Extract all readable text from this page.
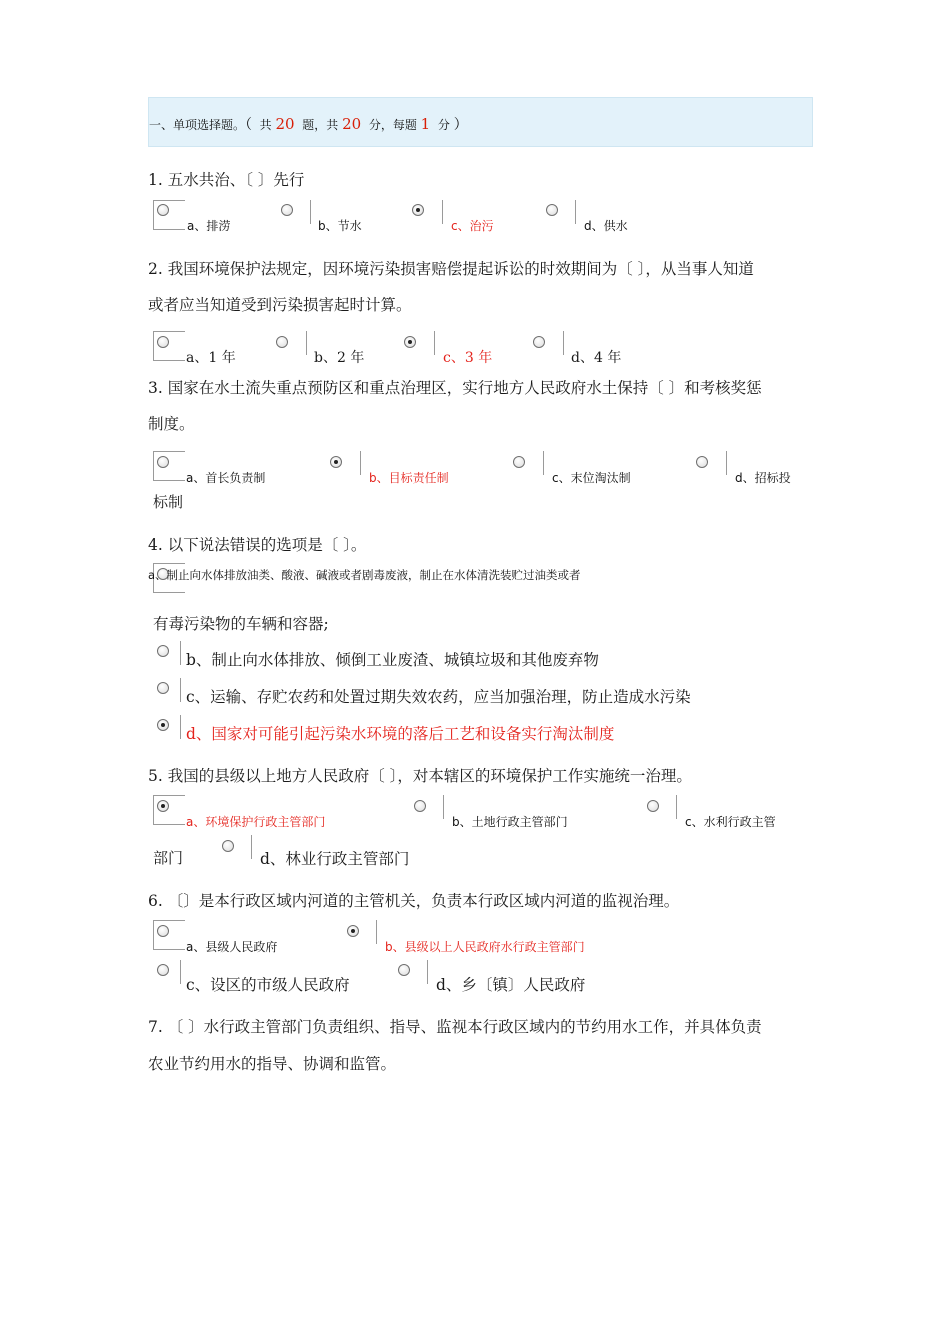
一、单项选择题。（ 共 20 题，共 20 分，每题 1 分 ）
1. 五水共治、〔 〕先行
a、排涝	b、节水	c、治污	d、供水
2. 我国环境保护法规定，因环境污染损害赔偿提起诉讼的时效期间为〔 〕，从当事人知道
或者应当知道受到污染损害起时计算。
a、1 年	b、2 年	c、3 年	d、4 年
3. 国家在水土流失重点预防区和重点治理区，实行地方人民政府水土保持〔 〕和考核奖惩
制度。
a、首长负责制	b、目标责任制	c、末位淘汰制	d、招标投
标制
4. 以下说法错误的选项是〔 〕。
a、制止向水体排放油类、酸液、碱液或者剧毒废液，制止在水体清洗装贮过油类或者
有毒污染物的车辆和容器;
b、制止向水体排放、倾倒工业废渣、城镇垃圾和其他废弃物
c、运输、存贮农药和处置过期失效农药，应当加强治理，防止造成水污染
d、国家对可能引起污染水环境的落后工艺和设备实行淘汰制度
5. 我国的县级以上地方人民政府〔 〕，对本辖区的环境保护工作实施统一治理。
a、环境保护行政主管部门	b、土地行政主管部门	c、水利行政主管
部门	d、林业行政主管部门
6. 〔〕是本行政区域内河道的主管机关，负责本行政区域内河道的监视治理。
a、县级人民政府	b、县级以上人民政府水行政主管部门
c、设区的市级人民政府	d、乡〔镇〕人民政府
7. 〔 〕水行政主管部门负责组织、指导、监视本行政区域内的节约用水工作，并具体负责
农业节约用水的指导、协调和监管。
